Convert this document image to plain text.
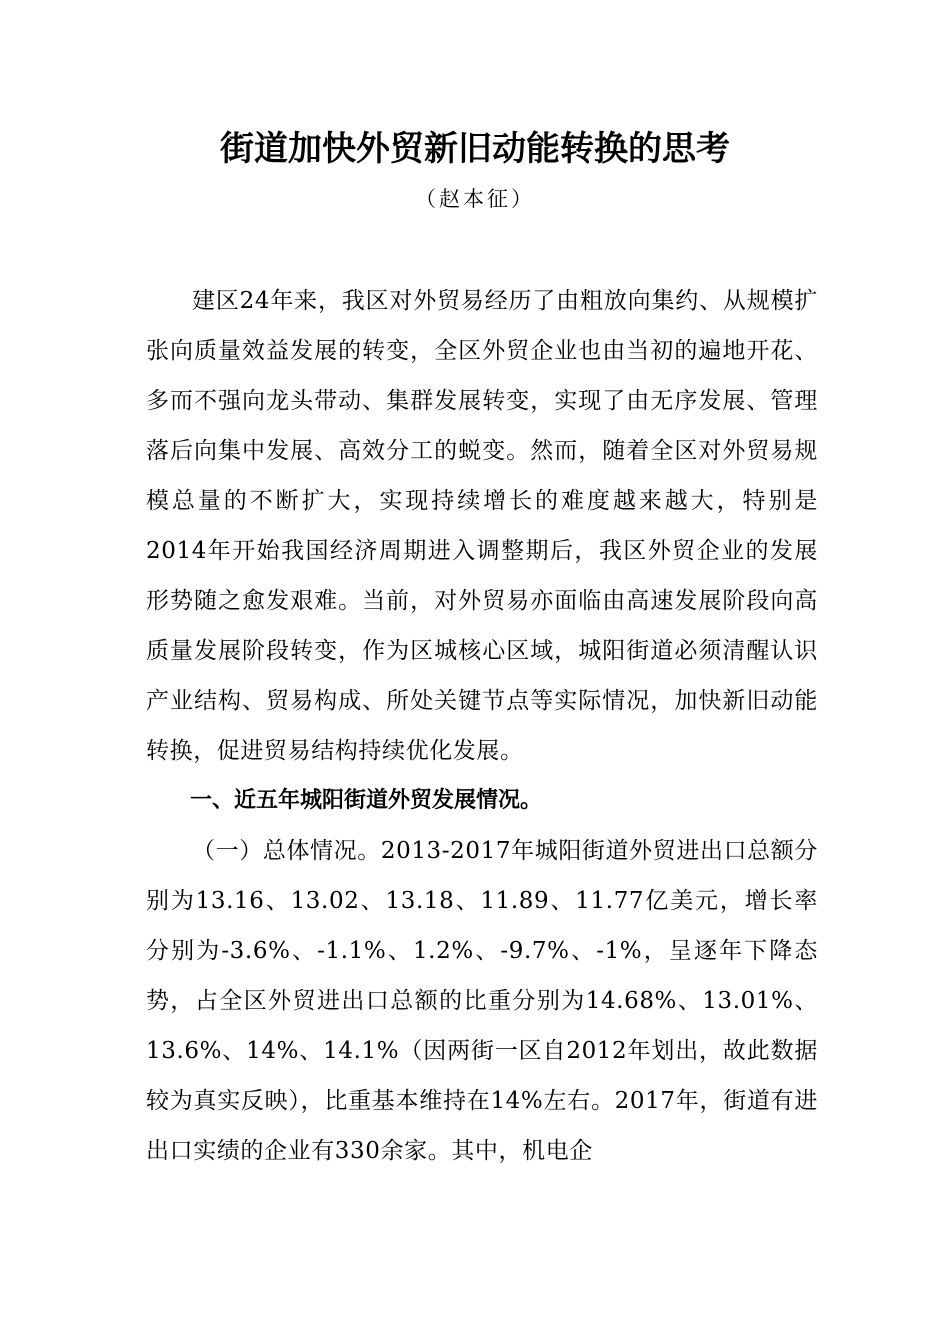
街道加快外贸新旧动能转换的思考
（赵本征）

建区24年来，我区对外贸易经历了由粗放向集约、从规模扩张向质量效益发展的转变，全区外贸企业也由当初的遍地开花、多而不强向龙头带动、集群发展转变，实现了由无序发展、管理落后向集中发展、高效分工的蜕变。然而，随着全区对外贸易规模总量的不断扩大，实现持续增长的难度越来越大，特别是2014年开始我国经济周期进入调整期后，我区外贸企业的发展形势随之愈发艰难。当前，对外贸易亦面临由高速发展阶段向高质量发展阶段转变，作为区城核心区域，城阳街道必须清醒认识产业结构、贸易构成、所处关键节点等实际情况，加快新旧动能转换，促进贸易结构持续优化发展。

一、近五年城阳街道外贸发展情况。

（一）总体情况。2013-2017年城阳街道外贸进出口总额分别为13.16、13.02、13.18、11.89、11.77亿美元，增长率分别为-3.6%、-1.1%、1.2%、-9.7%、-1%，呈逐年下降态势，占全区外贸进出口总额的比重分别为14.68%、13.01%、13.6%、14%、14.1%（因两街一区自2012年划出，故此数据较为真实反映），比重基本维持在14%左右。2017年，街道有进出口实绩的企业有330余家。其中，机电企
